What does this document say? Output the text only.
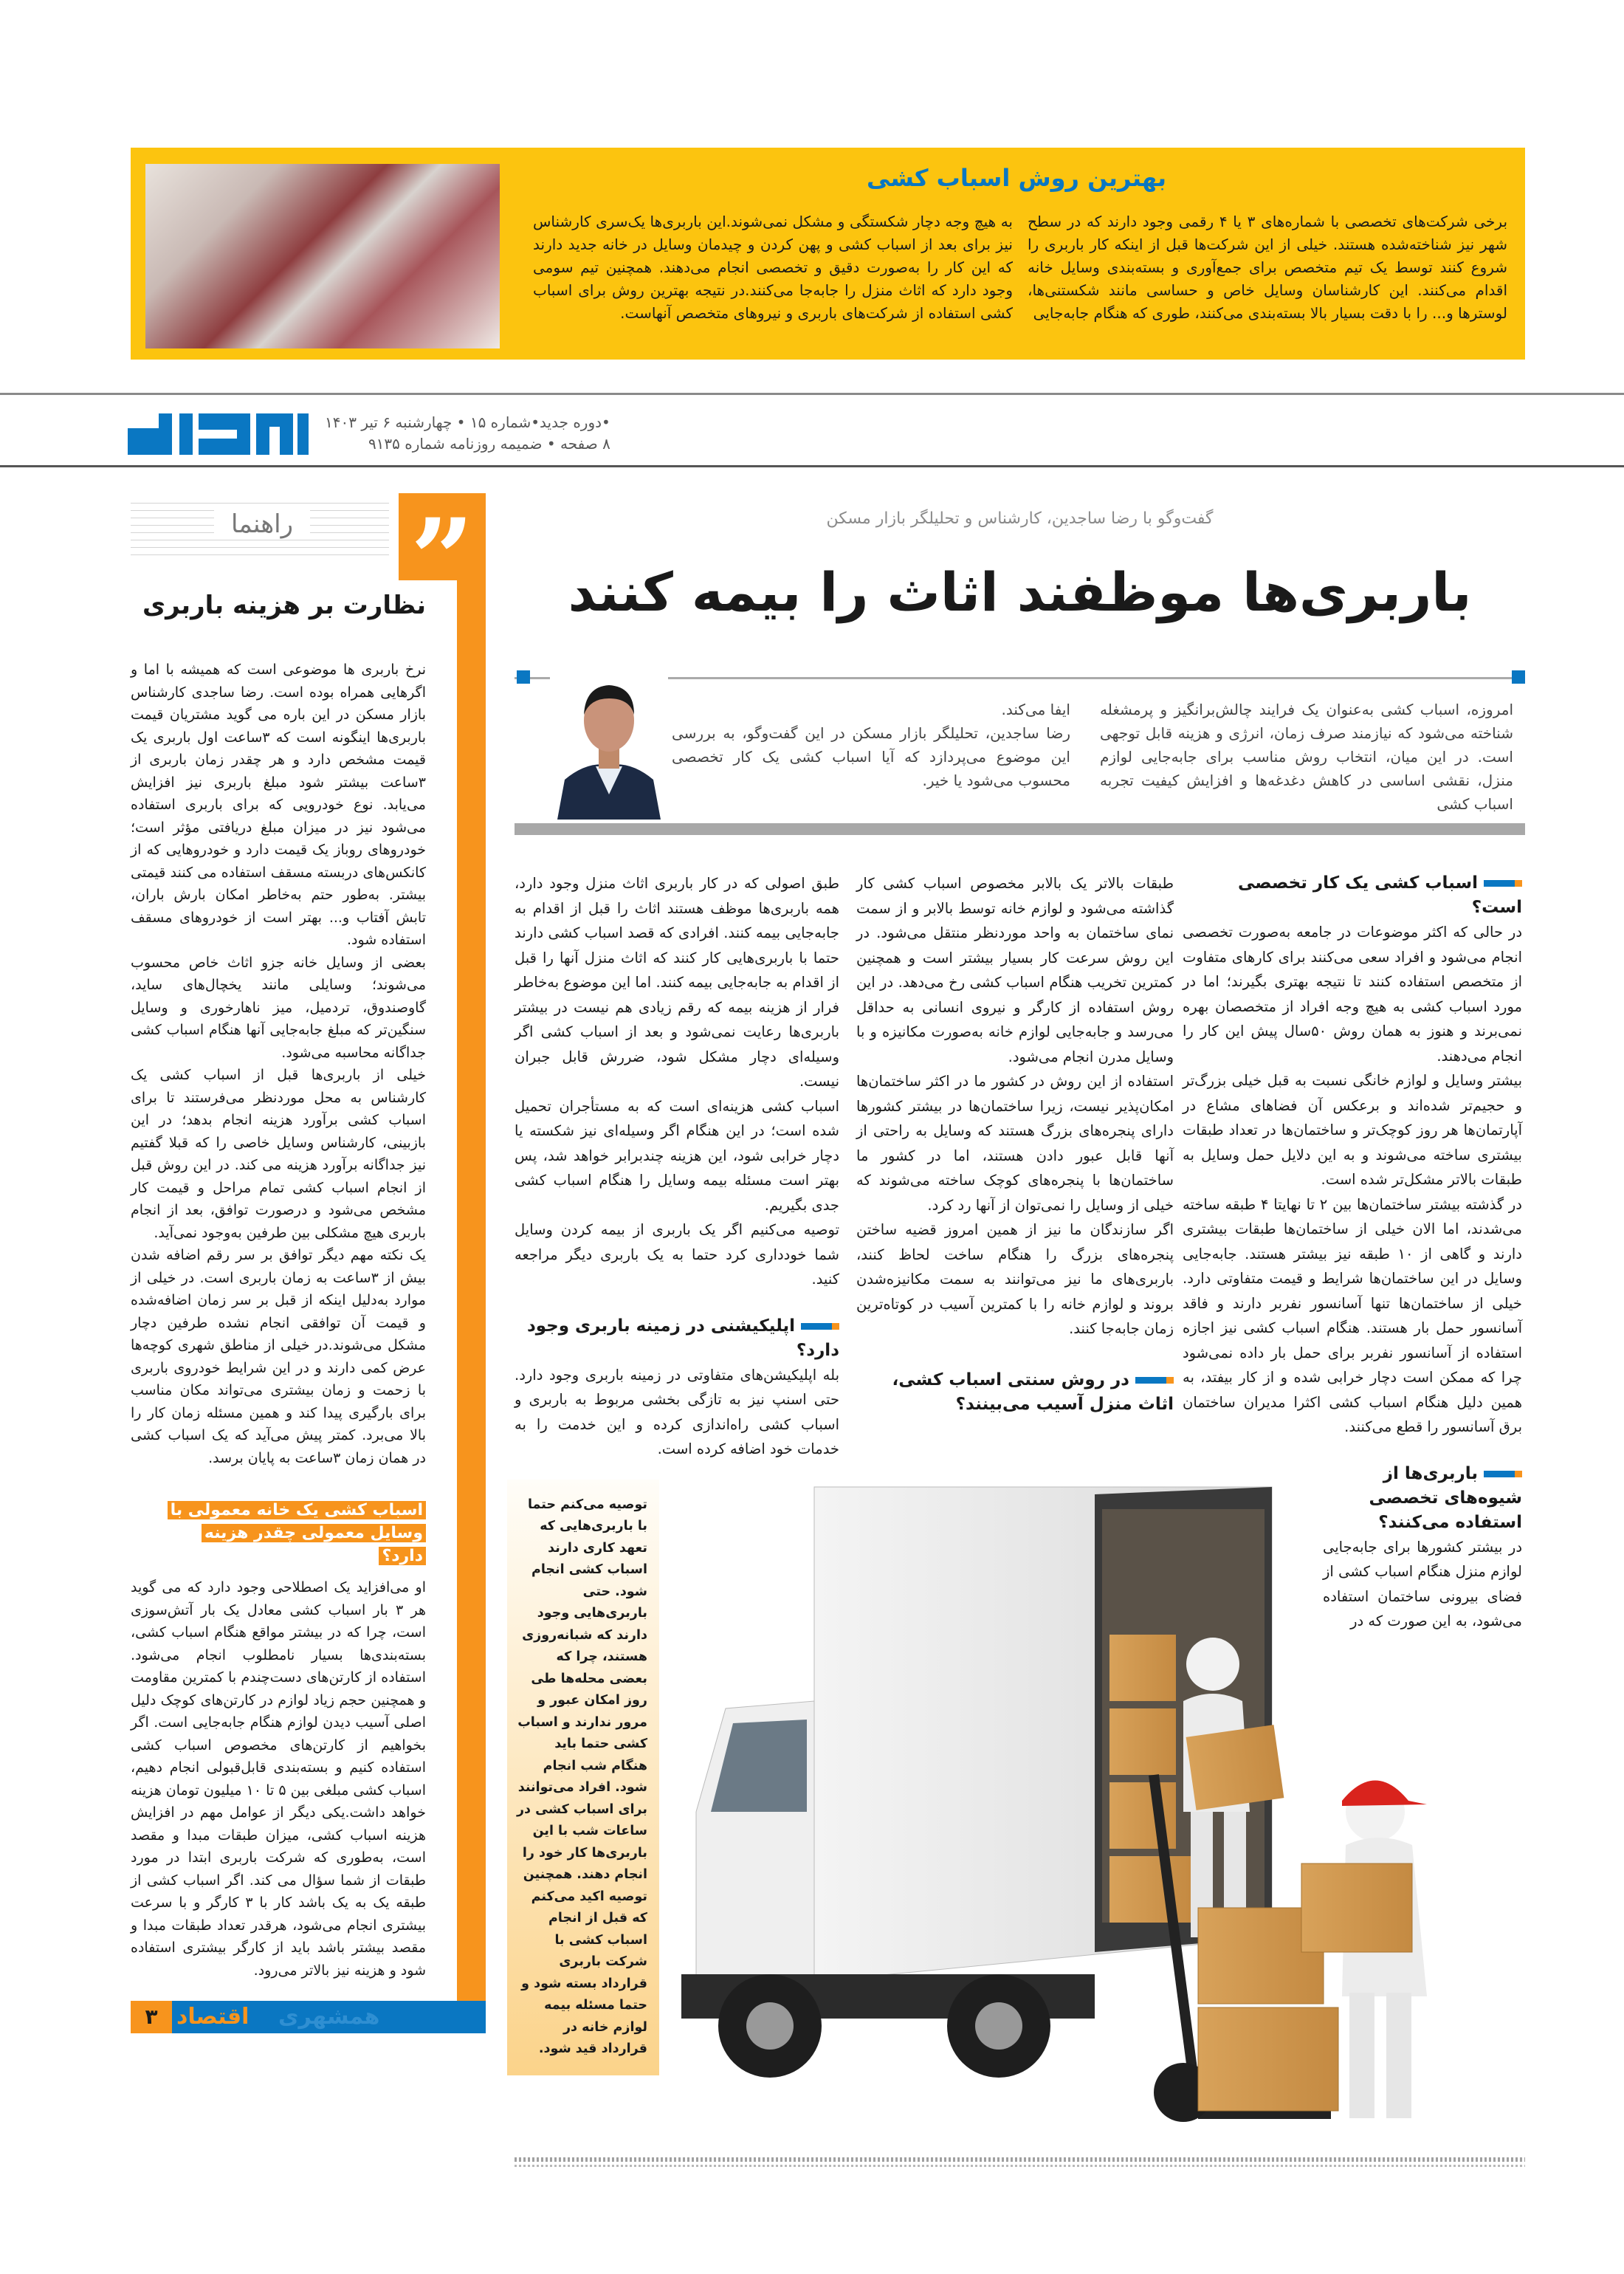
بهترین روش اسباب کشی

برخی شرکت‌های تخصصی با شماره‌های ۳ یا ۴ رقمی وجود دارند که در سطح شهر نیز شناخته‌شده هستند. خیلی از این شرکت‌ها قبل از اینکه کار باربری را شروع کنند توسط یک تیم متخصص برای جمع‌آوری و بسته‌بندی وسایل خانه اقدام می‌کنند. این کارشناسان وسایل خاص و حساسی مانند شکستنی‌ها، لوسترها و... را با دقت بسیار بالا بسته‌بندی می‌کنند، طوری که هنگام جابه‌جایی

به هیچ وجه دچار شکستگی و مشکل نمی‌شوند.این باربری‌ها یک‌سری کارشناس نیز برای بعد از اسباب کشی و پهن کردن و چیدمان وسایل در خانه جدید دارند که این کار را به‌صورت دقیق و تخصصی انجام می‌دهند. همچنین تیم سومی وجود دارد که اثاث منزل را جابه‌جا می‌کنند.در نتیجه بهترین روش برای اسباب کشی استفاده از شرکت‌های باربری و نیروهای متخصص آنهاست.

•دوره جدید•شماره ۱۵ • چهارشنبه ۶ تیر ۱۴۰۳
۸ صفحه • ضمیمه روزنامه شماره ۹۱۳۵
راهنما ”
نظارت بر هزینه باربری

نرخ باربری ها موضوعی است که همیشه با اما و اگرهایی همراه بوده است. رضا ساجدی کارشناس بازار مسکن در این باره می گوید مشتریان قیمت باربری‌ها اینگونه است که ۳ساعت اول باربری یک قیمت مشخص دارد و هر چقدر زمان باربری از ۳ساعت بیشتر شود مبلغ باربری نیز افزایش می‌یابد. نوع خودرویی که برای باربری استفاده می‌شود نیز در میزان مبلغ دریافتی مؤثر است؛ خودروهای روباز یک قیمت دارد و خودروهایی که از کانکس‌های دربسته مسقف استفاده می کنند قیمتی بیشتر. به‌طور حتم به‌خاطر امکان بارش باران، تابش آفتاب و... بهتر است از خودروهای مسقف استفاده شود.

بعضی از وسایل خانه جزو اثاث خاص محسوب می‌شوند؛ وسایلی مانند یخچال‌های ساید، گاوصندوق، تردمیل، میز ناهارخوری و وسایل سنگین‌تر که مبلغ جابه‌جایی آنها هنگام اسباب کشی جداگانه محاسبه می‌شود.

خیلی از باربری‌ها قبل از اسباب کشی یک کارشناس به محل موردنظر می‌فرستند تا برای اسباب کشی برآورد هزینه انجام بدهد؛ در این بازبینی، کارشناس وسایل خاصی را که قبلا گفتیم نیز جداگانه برآورد هزینه می کند. در این روش قبل از انجام اسباب کشی تمام مراحل و قیمت کار مشخص می‌شود و درصورت توافق، بعد از انجام باربری هیچ مشکلی بین طرفین به‌وجود نمی‌آید.

یک نکته مهم دیگر توافق بر سر رقم اضافه شدن بیش از ۳ساعت به زمان باربری است. در خیلی از موارد به‌دلیل اینکه از قبل بر سر زمان اضافه‌شده و قیمت آن توافقی انجام نشده طرفین دچار مشکل می‌شوند.در خیلی از مناطق شهری کوچه‌ها عرض کمی دارند و در این شرایط خودروی باربری با زحمت و زمان بیشتری می‌تواند مکان مناسب برای بارگیری پیدا کند و همین مسئله زمان کار را بالا می‌برد. کمتر پیش می‌آید که یک اسباب کشی در همان زمان ۳ساعت به پایان برسد.

اسباب کشی یک خانه معمولی با وسایل معمولی چقدر هزینه دارد؟

او می‌افزاید یک اصطلاحی وجود دارد که می گوید هر ۳ بار اسباب کشی معادل یک بار آتش‌سوزی است، چرا که در بیشتر مواقع هنگام اسباب کشی، بسته‌بندی‌ها بسیار نامطلوب انجام می‌شود. استفاده از کارتن‌های دست‌چندم با کمترین مقاومت و همچنین حجم زیاد لوازم در کارتن‌های کوچک دلیل اصلی آسیب دیدن لوازم هنگام جابه‌جایی است. اگر بخواهیم از کارتن‌های مخصوص اسباب کشی استفاده کنیم و بسته‌بندی قابل‌قبولی انجام دهیم، اسباب کشی مبلغی بین ۵ تا ۱۰ میلیون تومان هزینه خواهد داشت.یکی دیگر از عوامل مهم در افزایش هزینه اسباب کشی، میزان طبقات مبدا و مقصد است، به‌طوری که شرکت باربری ابتدا در مورد طبقات از شما سؤال می کند. اگر اسباب کشی از طبقه یک به یک باشد کار با ۳ کارگر و با سرعت بیشتری انجام می‌شود، هرقدر تعداد طبقات مبدا و مقصد بیشتر باشد باید از کارگر بیشتری استفاده شود و هزینه نیز بالاتر می‌رود.

۳ اقتصاد همشهری
گفت‌وگو با رضا ساجدین، کارشناس و تحلیلگر بازار مسکن
باربری‌ها موظفند اثاث را بیمه کنند

امروزه، اسباب کشی به‌عنوان یک فرایند چالش‌برانگیز و پرمشغله شناخته می‌شود که نیازمند صرف زمان، انرژی و هزینه قابل توجهی است. در این میان، انتخاب روش مناسب برای جابه‌جایی لوازم منزل، نقشی اساسی در کاهش دغدغه‌ها و افزایش کیفیت تجربه اسباب کشی

ایفا می‌کند.

رضا ساجدین، تحلیلگر بازار مسکن در این گفت‌وگو، به بررسی این موضوع می‌پردازد که آیا اسباب کشی یک کار تخصصی محسوب می‌شود یا خیر.

اسباب کشی یک کار تخصصی است؟

در حالی که اکثر موضوعات در جامعه به‌صورت تخصصی انجام می‌شود و افراد سعی می‌کنند برای کارهای متفاوت از متخصص استفاده کنند تا نتیجه بهتری بگیرند؛ اما در مورد اسباب کشی به هیچ وجه افراد از متخصصان بهره نمی‌برند و هنوز به همان روش ۵۰سال پیش این کار را انجام می‌دهند.

بیشتر وسایل و لوازم خانگی نسبت به قبل خیلی بزرگ‌تر و حجیم‌تر شده‌اند و برعکس آن فضاهای مشاع در آپارتمان‌ها هر روز کوچک‌تر و ساختمان‌ها در تعداد طبقات بیشتری ساخته می‌شوند و به این دلایل حمل وسایل به طبقات بالاتر مشکل‌تر شده است.

در گذشته بیشتر ساختمان‌ها بین ۲ تا نهایتا ۴ طبقه ساخته می‌شدند، اما الان خیلی از ساختمان‌ها طبقات بیشتری دارند و گاهی از ۱۰ طبقه نیز بیشتر هستند. جابه‌جایی وسایل در این ساختمان‌ها شرایط و قیمت متفاوتی دارد. خیلی از ساختمان‌ها تنها آسانسور نفربر دارند و فاقد آسانسور حمل بار هستند. هنگام اسباب کشی نیز اجازه استفاده از آسانسور نفربر برای حمل بار داده نمی‌شود چرا که ممکن است دچار خرابی شده و از کار بیفتد، به همین دلیل هنگام اسباب کشی اکثرا مدیران ساختمان برق آسانسور را قطع می‌کنند.

باربری‌ها از شیوه‌های تخصصی استفاده می‌کنند؟

در بیشتر کشورها برای جابه‌جایی لوازم منزل هنگام اسباب کشی از فضای بیرونی ساختمان استفاده می‌شود، به این صورت که در

طبقات بالاتر یک بالابر مخصوص اسباب کشی کار گذاشته می‌شود و لوازم خانه توسط بالابر و از سمت نمای ساختمان به واحد موردنظر منتقل می‌شود. در این روش سرعت کار بسیار بیشتر است و همچنین کمترین تخریب هنگام اسباب کشی رخ می‌دهد. در این روش استفاده از کارگر و نیروی انسانی به حداقل می‌رسد و جابه‌جایی لوازم خانه به‌صورت مکانیزه و با وسایل مدرن انجام می‌شود.

استفاده از این روش در کشور ما در اکثر ساختمان‌ها امکان‌پذیر نیست، زیرا ساختمان‌ها در بیشتر کشورها دارای پنجره‌های بزرگ هستند که وسایل به راحتی از آنها قابل عبور دادن هستند، اما در کشور ما ساختمان‌ها با پنجره‌های کوچک ساخته می‌شوند که خیلی از وسایل را نمی‌توان از آنها رد کرد.

اگر سازندگان ما نیز از همین امروز قضیه ساختن پنجره‌های بزرگ را هنگام ساخت لحاظ کنند، باربری‌های ما نیز می‌توانند به سمت مکانیزه‌شدن بروند و لوازم خانه را با کمترین آسیب در کوتاه‌ترین زمان جابه‌جا کنند.

در روش سنتی اسباب کشی، اثاث منزل آسیب می‌بینند؟

طبق اصولی که در کار باربری اثاث منزل وجود دارد، همه باربری‌ها موظف هستند اثاث را قبل از اقدام به جابه‌جایی بیمه کنند. افرادی که قصد اسباب کشی دارند حتما با باربری‌هایی کار کنند که اثاث منزل آنها را قبل از اقدام به جابه‌جایی بیمه کنند. اما این موضوع به‌خاطر فرار از هزینه بیمه که رقم زیادی هم نیست در بیشتر باربری‌ها رعایت نمی‌شود و بعد از اسباب کشی اگر وسیله‌ای دچار مشکل شود، ضررش قابل جبران نیست.

اسباب کشی هزینه‌ای است که به مستأجران تحمیل شده است؛ در این هنگام اگر وسیله‌ای نیز شکسته یا دچار خرابی شود، این هزینه چندبرابر خواهد شد، پس بهتر است مسئله بیمه وسایل را هنگام اسباب کشی جدی بگیریم.

توصیه می‌کنیم اگر یک باربری از بیمه کردن وسایل شما خودداری کرد حتما به یک باربری دیگر مراجعه کنید.

اپلیکیشنی در زمینه باربری وجود دارد؟

بله اپلیکیشن‌های متفاوتی در زمینه باربری وجود دارد. حتی اسنپ نیز به تازگی بخشی مربوط به باربری و اسباب کشی راه‌اندازی کرده و این خدمت را به خدمات خود اضافه کرده است.

توصیه می‌کنم حتما با باربری‌هایی که تعهد کاری دارند اسباب کشی انجام شود. حتی باربری‌هایی وجود دارند که شبانه‌روزی هستند، چرا که بعضی محله‌ها طی روز امکان عبور و مرور ندارند و اسباب کشی حتما باید هنگام شب انجام شود. افراد می‌توانند برای اسباب کشی در ساعات شب با این باربری‌ها کار خود را انجام دهند. همچنین توصیه اکید می‌کنم که قبل از انجام اسباب کشی با شرکت باربری قرارداد بسته شود و حتما مسئله بیمه لوازم خانه در قرارداد قید شود.
